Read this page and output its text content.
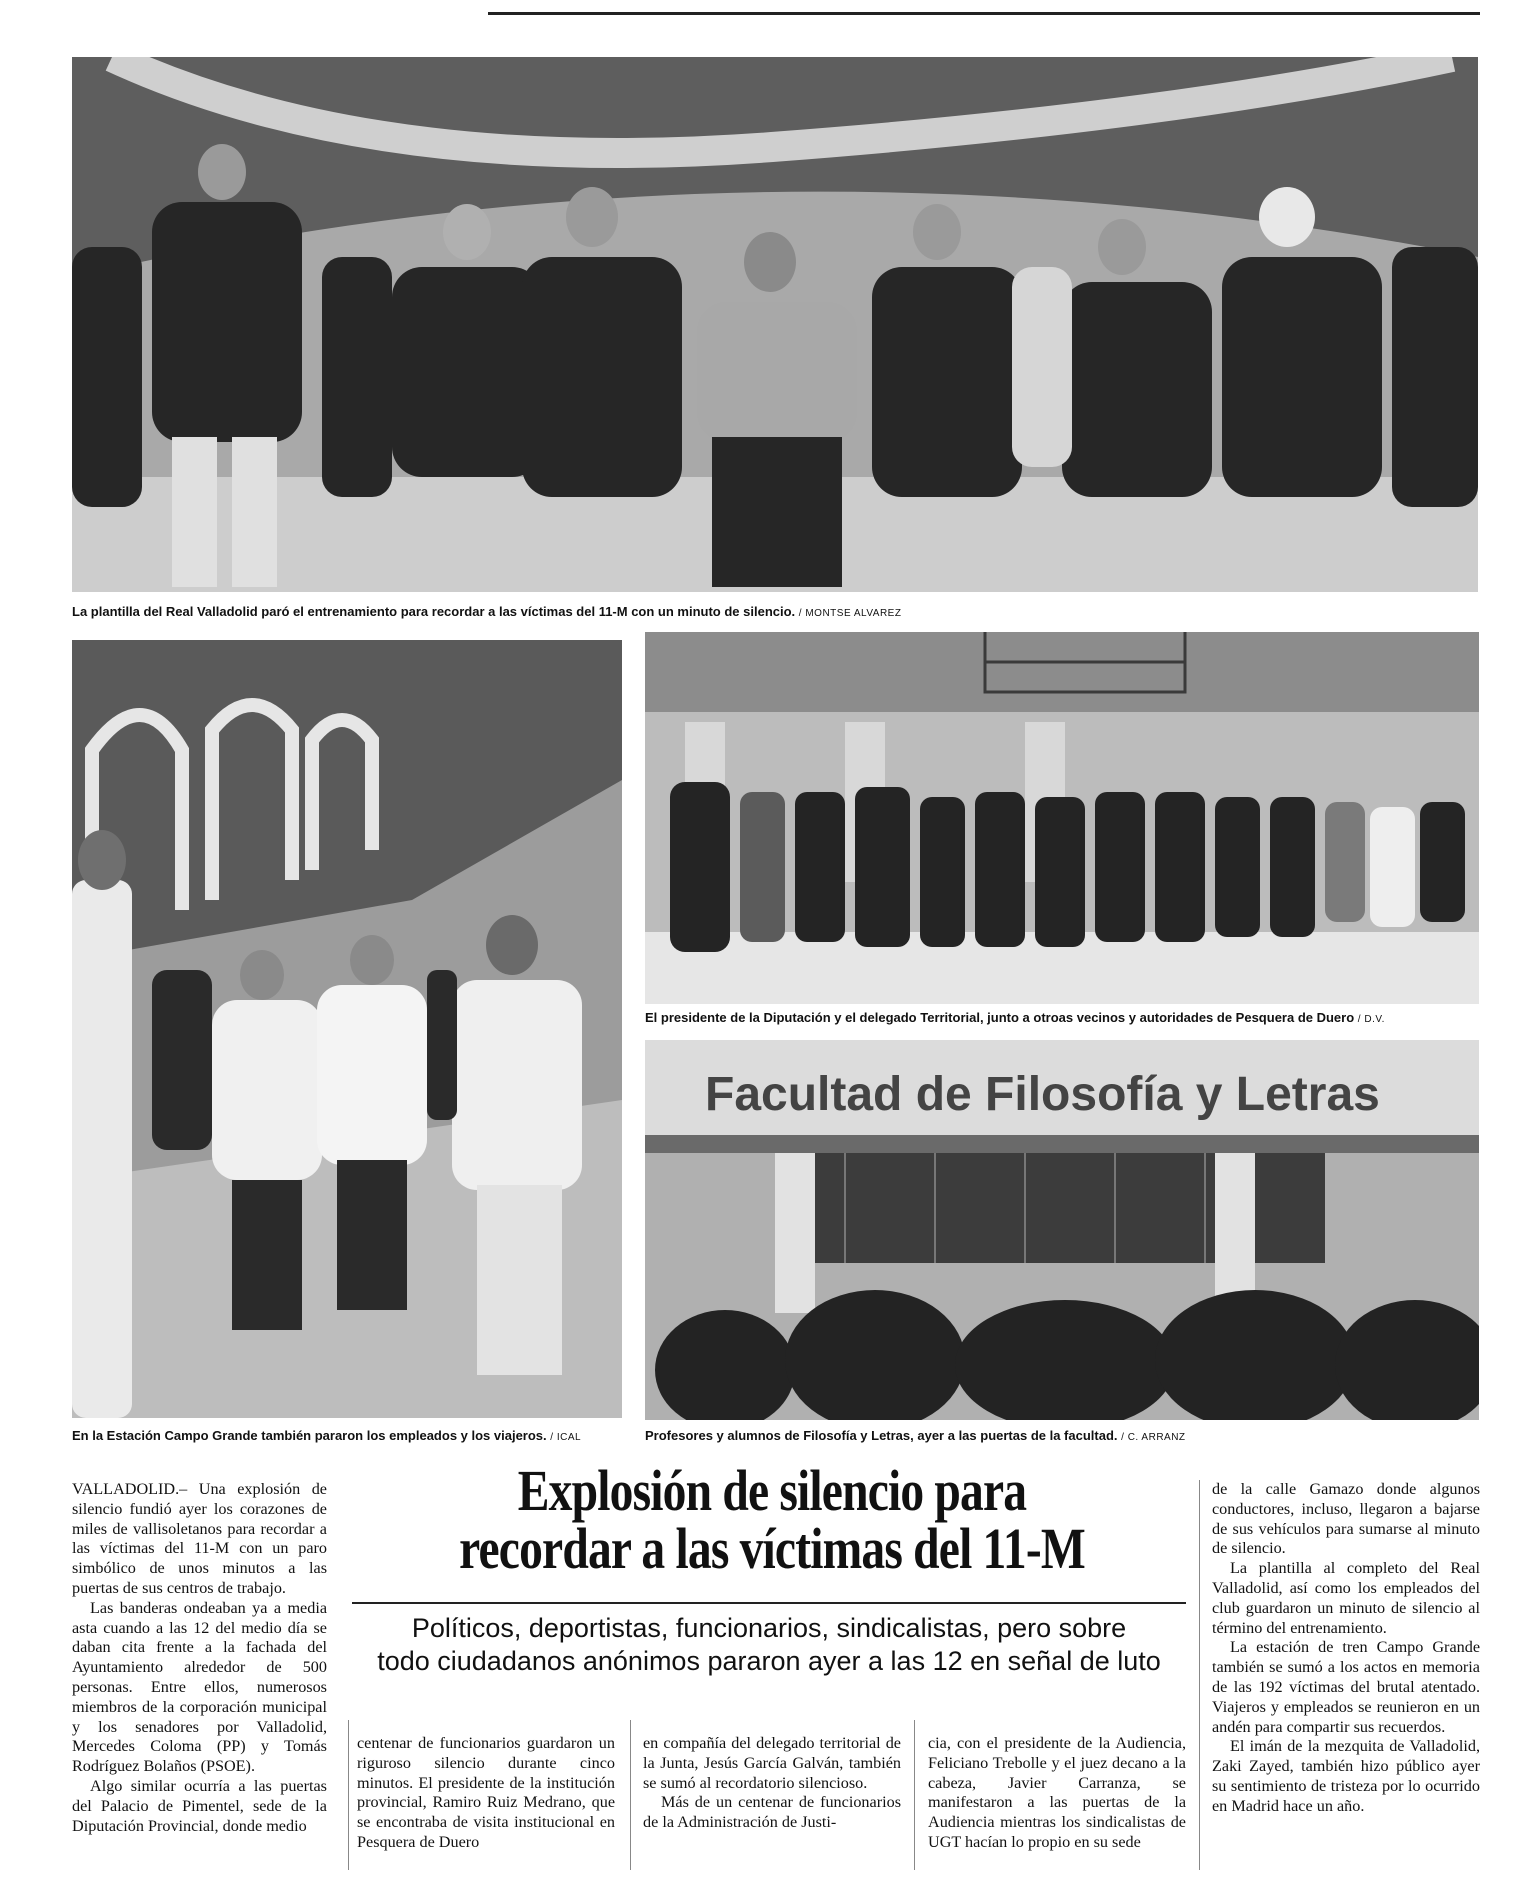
La plantilla del Real Valladolid paró el entrenamiento para recordar a las víctimas del 11-M con un minuto de silencio. / MONTSE ALVAREZ
En la Estación Campo Grande también pararon los empleados y los viajeros. / ICAL
El presidente de la Diputación y el delegado Territorial, junto a otroas vecinos y autoridades de Pesquera de Duero / D.V.
Facultad de Filosofía y Letras
Profesores y alumnos de Filosofía y Letras, ayer a las puertas de la facultad. / C. ARRANZ
Explosión de silencio para
recordar a las víctimas del 11-M
Políticos, deportistas, funcionarios, sindicalistas, pero sobre
todo ciudadanos anónimos pararon ayer a las 12 en señal de luto

VALLADOLID.– Una explosión de silencio fundió ayer los corazones de miles de vallisoletanos para recordar a las víctimas del 11-M con un paro simbólico de unos minutos a las puertas de sus centros de trabajo.

Las banderas ondeaban ya a media asta cuando a las 12 del medio día se daban cita frente a la fachada del Ayuntamiento alrededor de 500 personas. Entre ellos, numerosos miembros de la corporación municipal y los senadores por Valladolid, Mercedes Coloma (PP) y Tomás Rodríguez Bolaños (PSOE).

Algo similar ocurría a las puertas del Palacio de Pimentel, sede de la Diputación Provincial, donde medio

centenar de funcionarios guardaron un riguroso silencio durante cinco minutos. El presidente de la institución provincial, Ramiro Ruiz Medrano, que se encontraba de visita institucional en Pesquera de Duero

en compañía del delegado territorial de la Junta, Jesús García Galván, también se sumó al recordatorio silencioso.

Más de un centenar de funcionarios de la Administración de Justi-

cia, con el presidente de la Audiencia, Feliciano Trebolle y el juez decano a la cabeza, Javier Carranza, se manifestaron a las puertas de la Audiencia mientras los sindicalistas de UGT hacían lo propio en su sede

de la calle Gamazo donde algunos conductores, incluso, llegaron a bajarse de sus vehículos para sumarse al minuto de silencio.

La plantilla al completo del Real Valladolid, así como los empleados del club guardaron un minuto de silencio al término del entrenamiento.

La estación de tren Campo Grande también se sumó a los actos en memoria de las 192 víctimas del brutal atentado. Viajeros y empleados se reunieron en un andén para compartir sus recuerdos.

El imán de la mezquita de Valladolid, Zaki Zayed, también hizo público ayer su sentimiento de tristeza por lo ocurrido en Madrid hace un año.
